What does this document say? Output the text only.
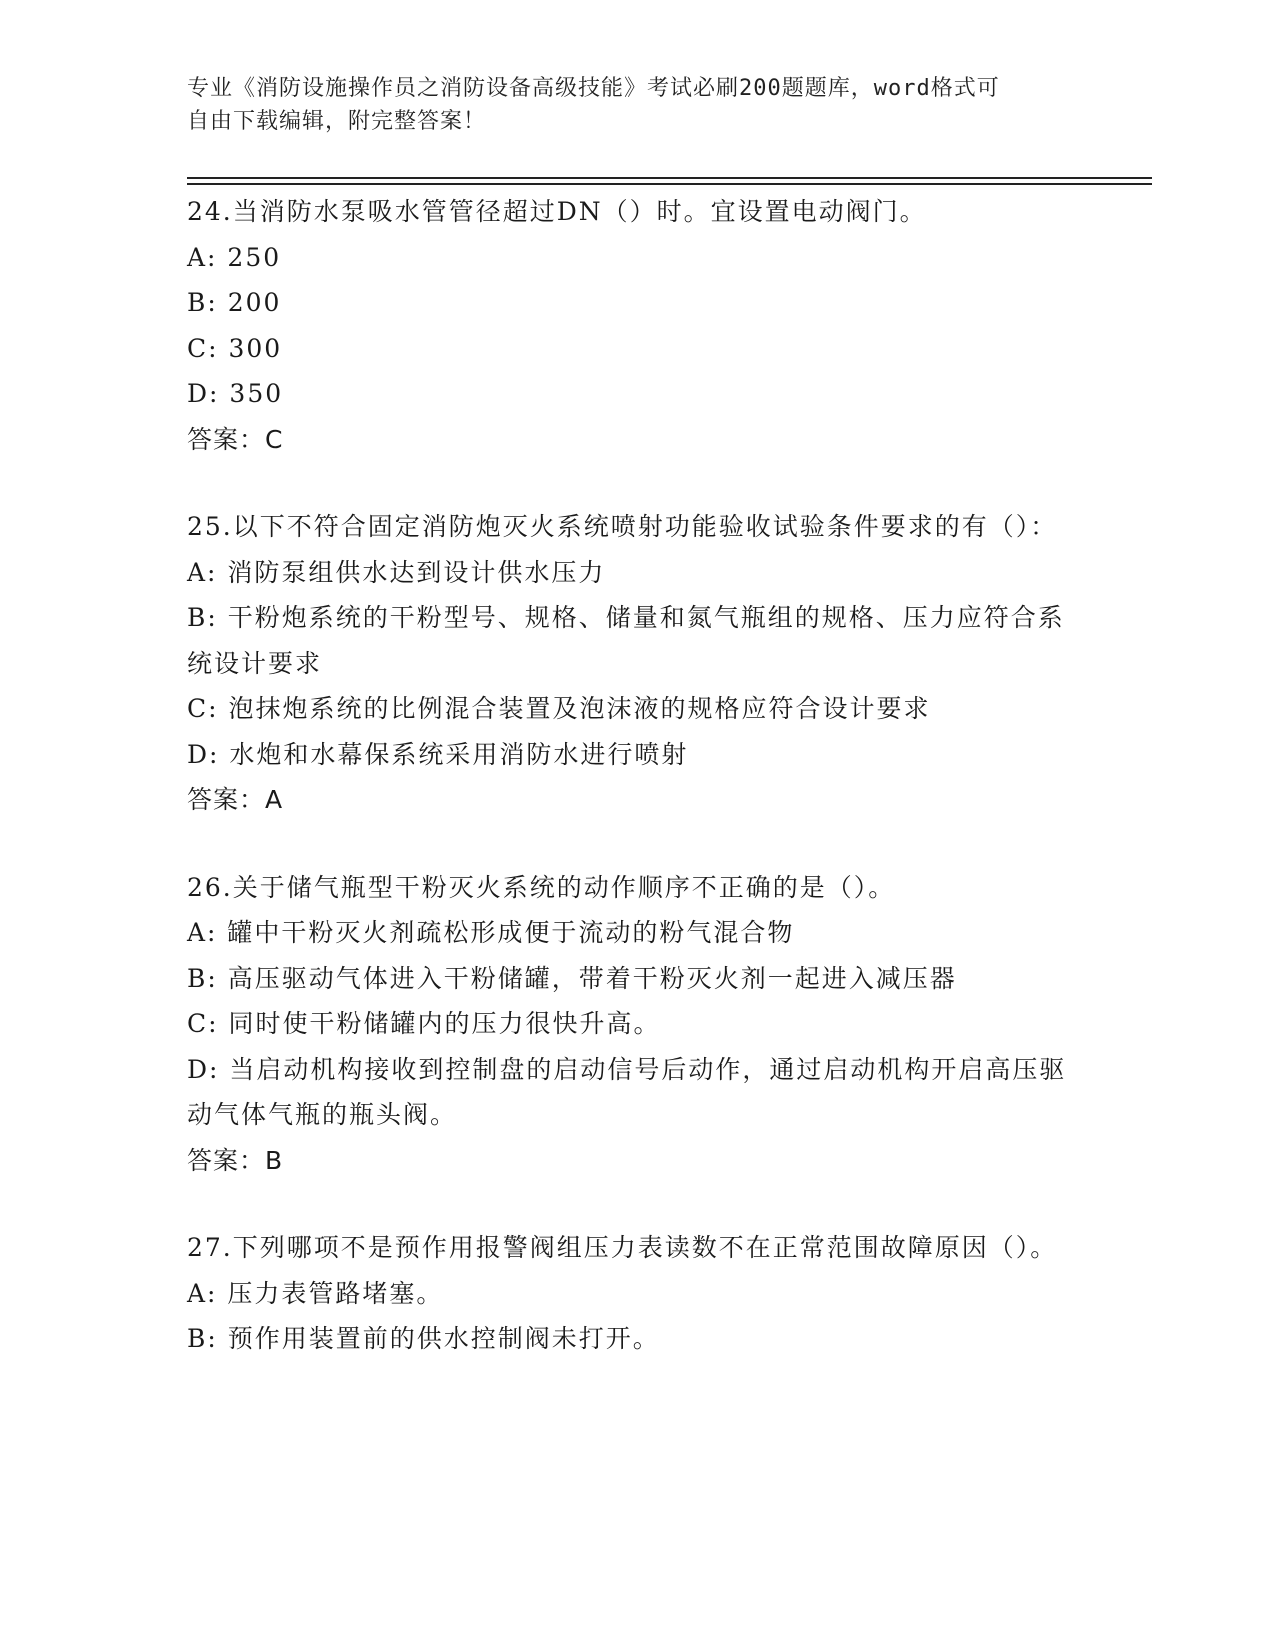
专业《消防设施操作员之消防设备高级技能》考试必刷200题题库，word格式可
自由下载编辑，附完整答案！
24.当消防水泵吸水管管径超过DN（）时。宜设置电动阀门。
A: 250
B: 200
C: 300
D: 350
答案：C
25.以下不符合固定消防炮灭火系统喷射功能验收试验条件要求的有（）：
A: 消防泵组供水达到设计供水压力
B: 干粉炮系统的干粉型号、规格、储量和氮气瓶组的规格、压力应符合系统设计要求
C: 泡抹炮系统的比例混合装置及泡沫液的规格应符合设计要求
D: 水炮和水幕保系统采用消防水进行喷射
答案：A
26.关于储气瓶型干粉灭火系统的动作顺序不正确的是（）。
A: 罐中干粉灭火剂疏松形成便于流动的粉气混合物
B: 高压驱动气体进入干粉储罐，带着干粉灭火剂一起进入减压器
C: 同时使干粉储罐内的压力很快升高。
D: 当启动机构接收到控制盘的启动信号后动作，通过启动机构开启高压驱动气体气瓶的瓶头阀。
答案：B
27.下列哪项不是预作用报警阀组压力表读数不在正常范围故障原因（）。
A: 压力表管路堵塞。
B: 预作用装置前的供水控制阀未打开。
